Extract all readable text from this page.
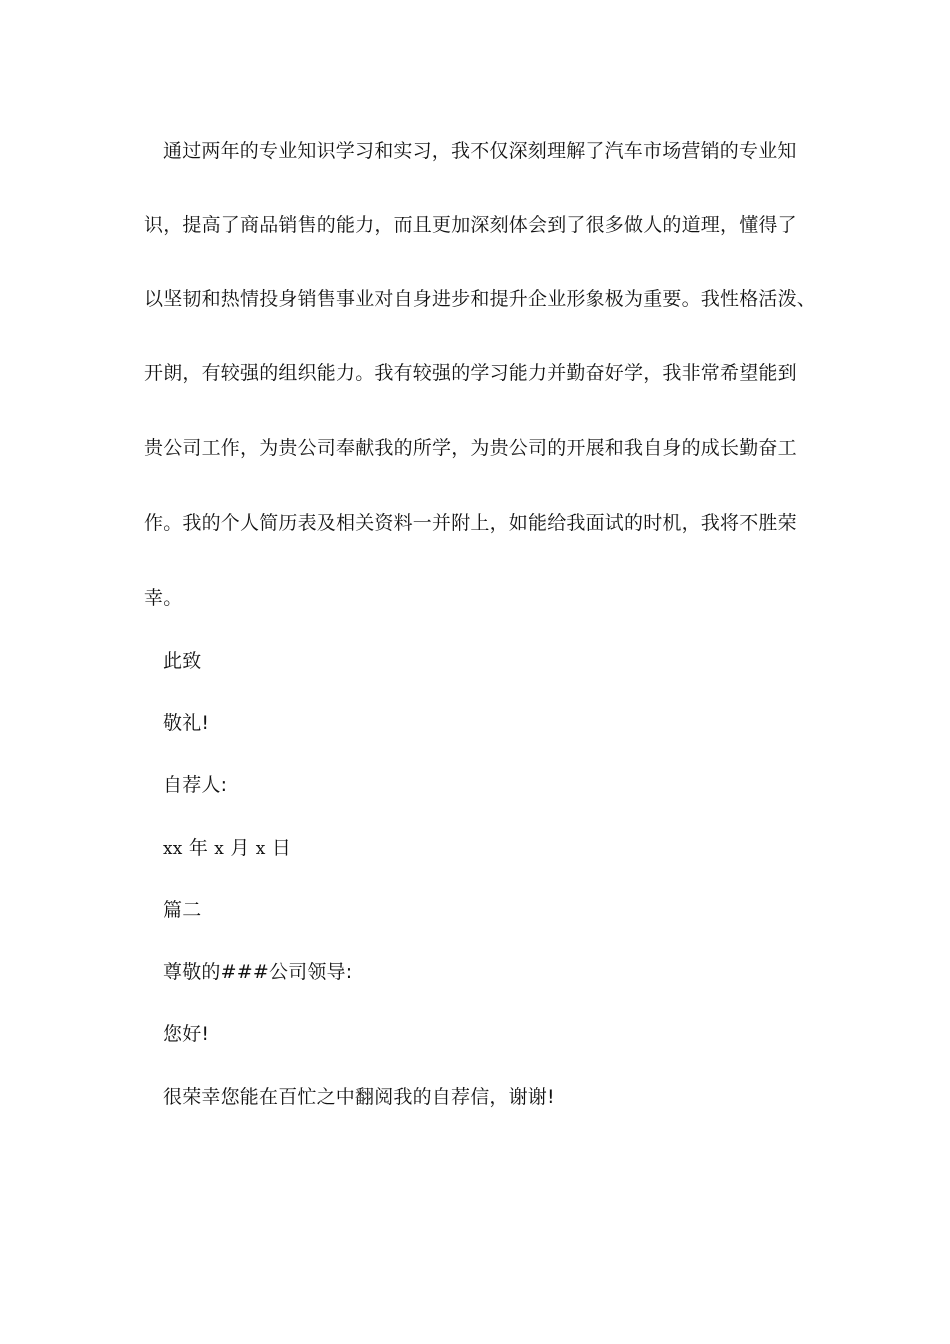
通过两年的专业知识学习和实习，我不仅深刻理解了汽车市场营销的专业知
识，提高了商品销售的能力，而且更加深刻体会到了很多做人的道理，懂得了
以坚韧和热情投身销售事业对自身进步和提升企业形象极为重要。我性格活泼、
开朗，有较强的组织能力。我有较强的学习能力并勤奋好学，我非常希望能到
贵公司工作，为贵公司奉献我的所学，为贵公司的开展和我自身的成长勤奋工
作。我的个人简历表及相关资料一并附上，如能给我面试的时机，我将不胜荣
幸。
此致
敬礼!
自荐人:
xx 年 x 月 x 日
篇二
尊敬的###公司领导:
您好!
很荣幸您能在百忙之中翻阅我的自荐信，谢谢!
